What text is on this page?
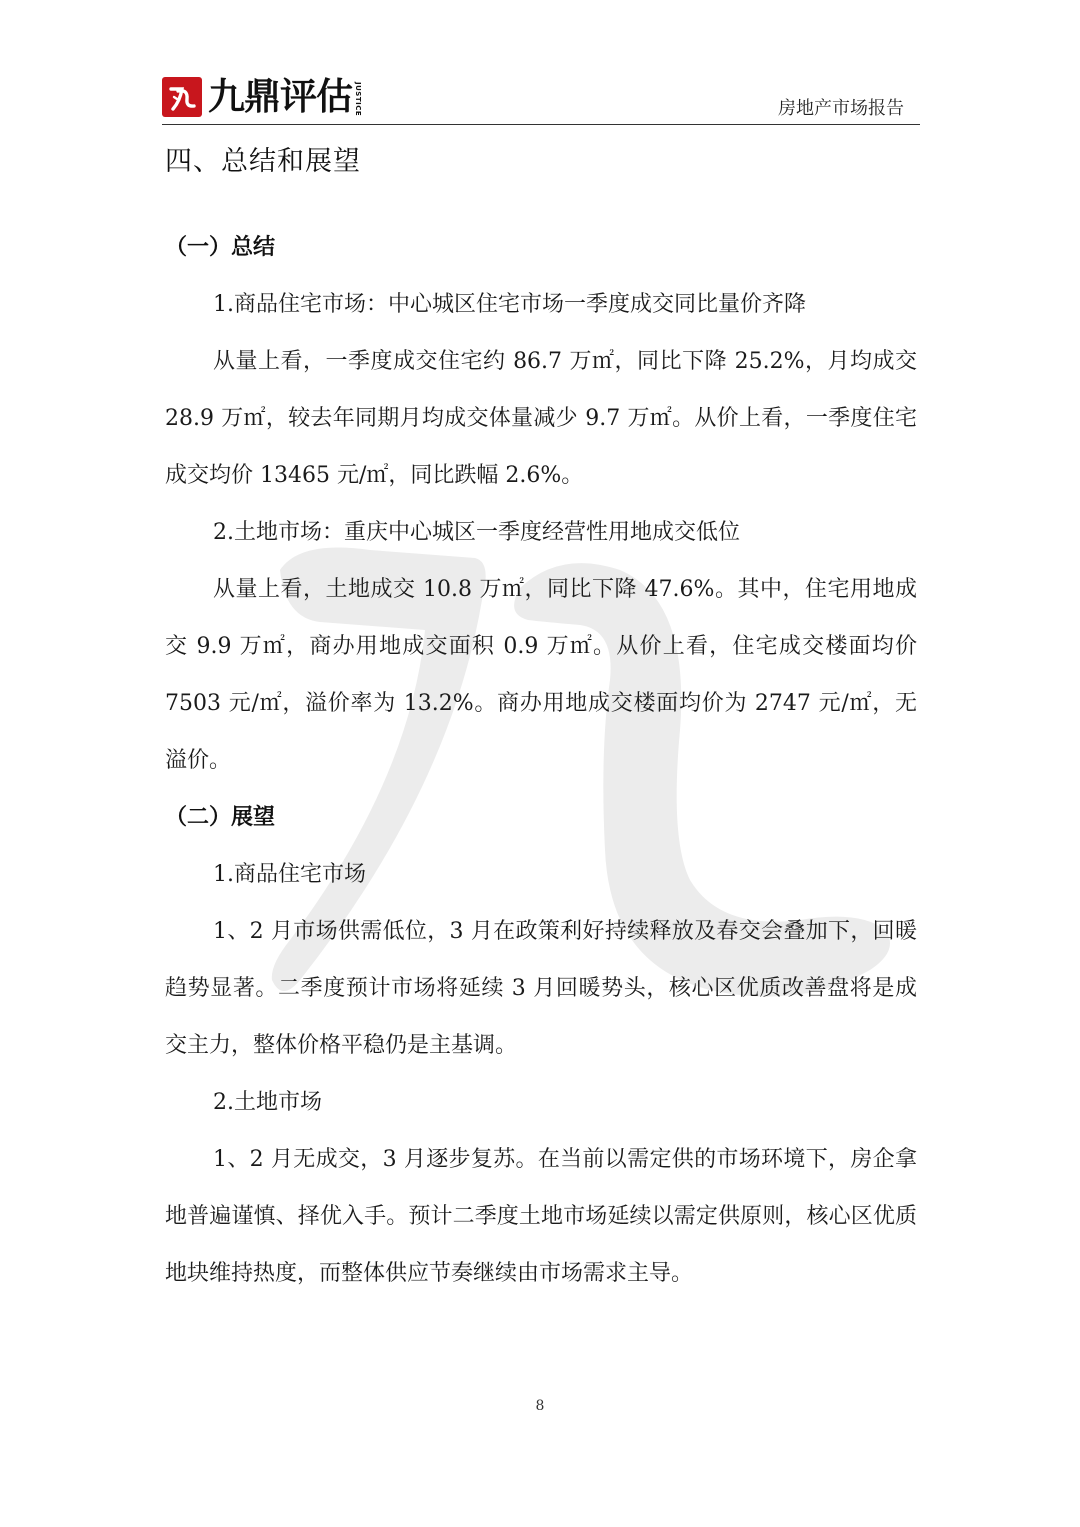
九鼎评估 JUSTICE	房地产市场报告
四、总结和展望
（一）总结

1.商品住宅市场：中心城区住宅市场一季度成交同比量价齐降

从量上看，一季度成交住宅约 86.7 万㎡，同比下降 25.2%，月均成交 28.9 万㎡，较去年同期月均成交体量减少 9.7 万㎡。从价上看，一季度住宅成交均价 13465 元/㎡，同比跌幅 2.6%。

2.土地市场：重庆中心城区一季度经营性用地成交低位

从量上看，土地成交 10.8 万㎡，同比下降 47.6%。其中，住宅用地成交 9.9 万㎡，商办用地成交面积 0.9 万㎡。从价上看，住宅成交楼面均价 7503 元/㎡，溢价率为 13.2%。商办用地成交楼面均价为 2747 元/㎡，无溢价。

（二）展望

1.商品住宅市场

1、2 月市场供需低位，3 月在政策利好持续释放及春交会叠加下，回暖趋势显著。二季度预计市场将延续 3 月回暖势头，核心区优质改善盘将是成交主力，整体价格平稳仍是主基调。

2.土地市场

1、2 月无成交，3 月逐步复苏。在当前以需定供的市场环境下，房企拿地普遍谨慎、择优入手。预计二季度土地市场延续以需定供原则，核心区优质地块维持热度，而整体供应节奏继续由市场需求主导。

8
